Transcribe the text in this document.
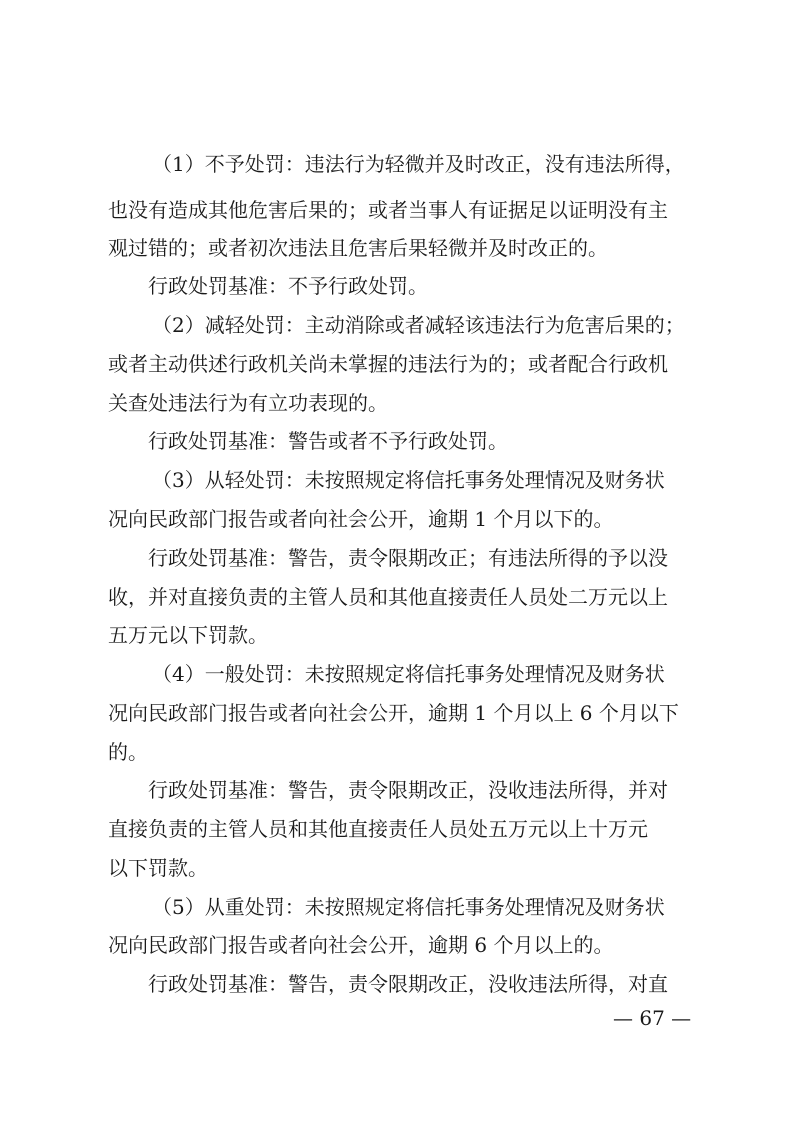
（1）不予处罚：违法行为轻微并及时改正，没有违法所得，
也没有造成其他危害后果的；或者当事人有证据足以证明没有主
观过错的；或者初次违法且危害后果轻微并及时改正的。
行政处罚基准：不予行政处罚。
（2）减轻处罚：主动消除或者减轻该违法行为危害后果的；
或者主动供述行政机关尚未掌握的违法行为的；或者配合行政机
关查处违法行为有立功表现的。
行政处罚基准：警告或者不予行政处罚。
（3）从轻处罚：未按照规定将信托事务处理情况及财务状
况向民政部门报告或者向社会公开，逾期 1 个月以下的。
行政处罚基准：警告，责令限期改正；有违法所得的予以没
收，并对直接负责的主管人员和其他直接责任人员处二万元以上
五万元以下罚款。
（4）一般处罚：未按照规定将信托事务处理情况及财务状
况向民政部门报告或者向社会公开，逾期 1 个月以上 6 个月以下
的。
行政处罚基准：警告，责令限期改正，没收违法所得，并对
直接负责的主管人员和其他直接责任人员处五万元以上十万元
以下罚款。
（5）从重处罚：未按照规定将信托事务处理情况及财务状
况向民政部门报告或者向社会公开，逾期 6 个月以上的。
行政处罚基准：警告，责令限期改正，没收违法所得，对直
— 67 —
